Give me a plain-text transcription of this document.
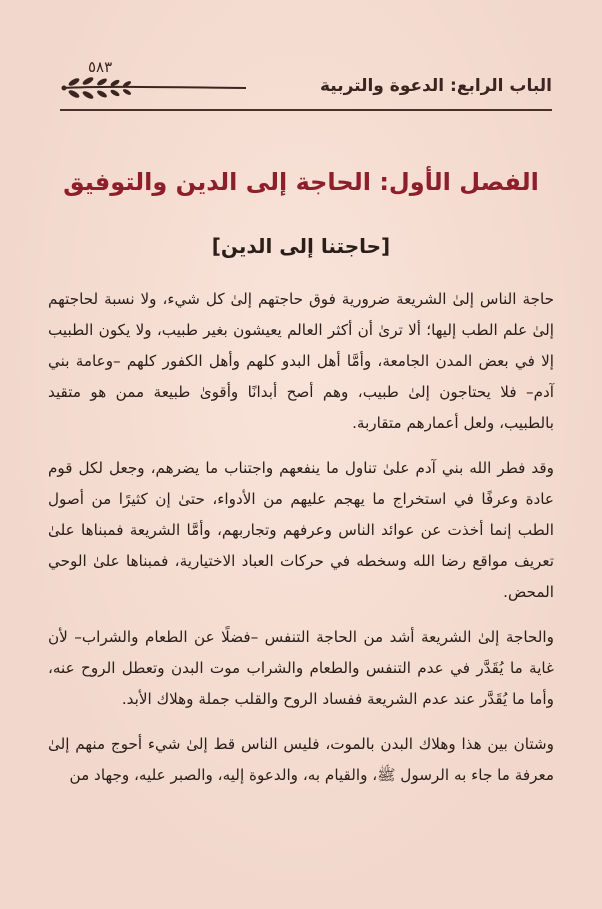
الباب الرابع: الدعوة والتربية
٥٨٣
الفصل الأول: الحاجة إلى الدين والتوفيق
[حاجتنا إلى الدين]

حاجة الناس إلىٰ الشريعة ضرورية فوق حاجتهم إلىٰ كل شيء، ولا نسبة لحاجتهم إلىٰ علم الطب إليها؛ ألا ترىٰ أن أكثر العالم يعيشون بغير طبيب، ولا يكون الطبيب إلا في بعض المدن الجامعة، وأمَّا أهل البدو كلهم وأهل الكفور كلهم –وعامة بني آدم– فلا يحتاجون إلىٰ طبيب، وهم أصح أبدانًا وأقوىٰ طبيعة ممن هو متقيد بالطبيب، ولعل أعمارهم متقاربة.

وقد فطر الله بني آدم علىٰ تناول ما ينفعهم واجتناب ما يضرهم، وجعل لكل قوم عادة وعرفًا في استخراج ما يهجم عليهم من الأدواء، حتىٰ إن كثيرًا من أصول الطب إنما أخذت عن عوائد الناس وعرفهم وتجاربهم، وأمَّا الشريعة فمبناها علىٰ تعريف مواقع رضا الله وسخطه في حركات العباد الاختيارية، فمبناها علىٰ الوحي المحض.

والحاجة إلىٰ الشريعة أشد من الحاجة التنفس –فضلًا عن الطعام والشراب– لأن غاية ما يُقَدَّر في عدم التنفس والطعام والشراب موت البدن وتعطل الروح عنه، وأما ما يُقَدَّر عند عدم الشريعة ففساد الروح والقلب جملة وهلاك الأبد.

وشتان بين هذا وهلاك البدن بالموت، فليس الناس قط إلىٰ شيء أحوج منهم إلىٰ معرفة ما جاء به الرسول ﷺ، والقيام به، والدعوة إليه، والصبر عليه، وجهاد من
